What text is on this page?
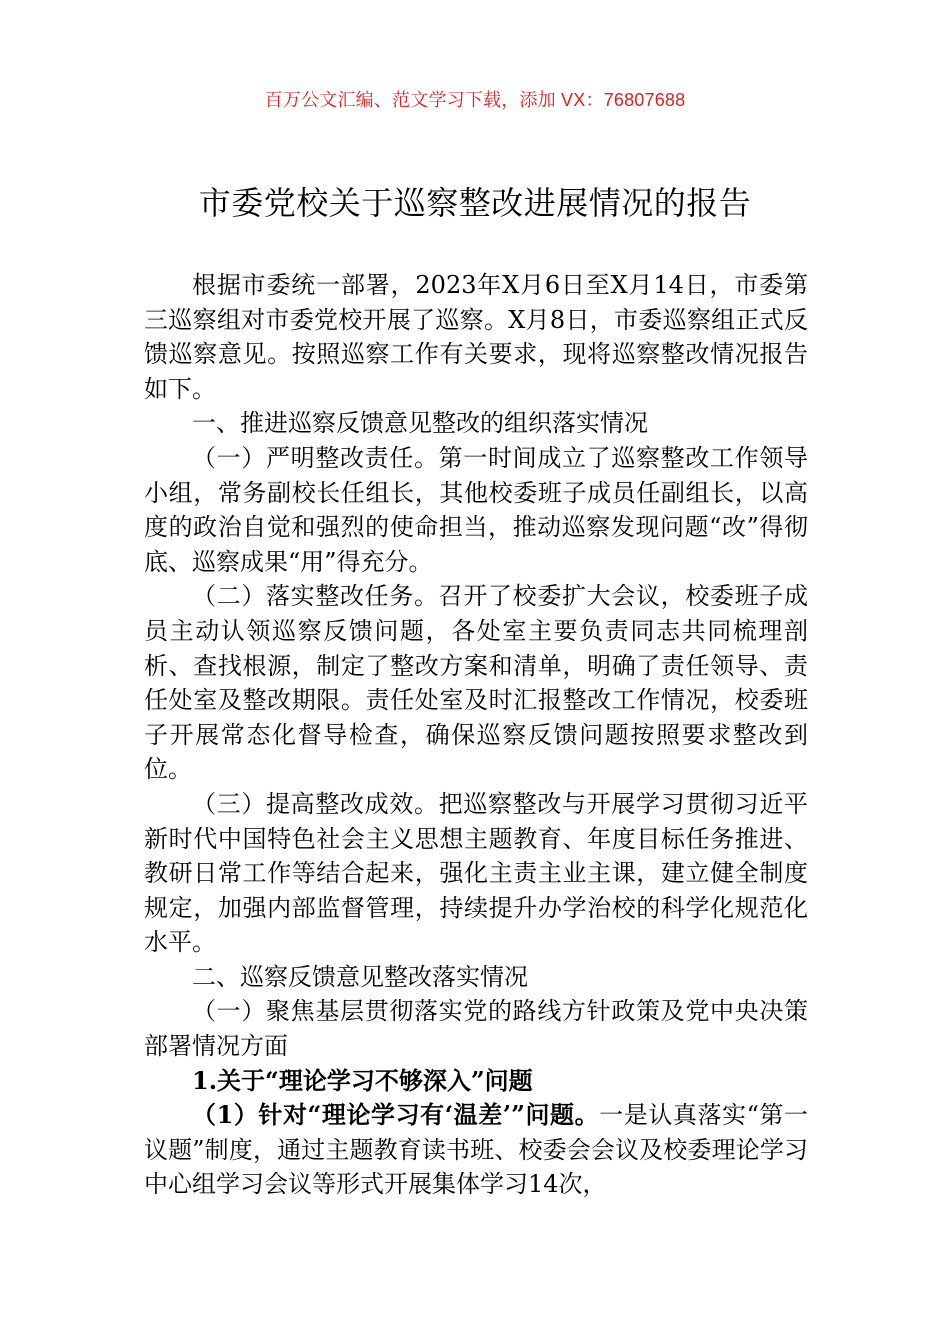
百万公文汇编、范文学习下载，添加 VX：76807688
市委党校关于巡察整改进展情况的报告

根据市委统一部署，2023年X月6日至X月14日，市委第三巡察组对市委党校开展了巡察。X月8日，市委巡察组正式反馈巡察意见。按照巡察工作有关要求，现将巡察整改情况报告如下。

一、推进巡察反馈意见整改的组织落实情况

（一）严明整改责任。第一时间成立了巡察整改工作领导小组，常务副校长任组长，其他校委班子成员任副组长，以高度的政治自觉和强烈的使命担当，推动巡察发现问题“改”得彻底、巡察成果“用”得充分。

（二）落实整改任务。召开了校委扩大会议，校委班子成员主动认领巡察反馈问题，各处室主要负责同志共同梳理剖析、查找根源，制定了整改方案和清单，明确了责任领导、责任处室及整改期限。责任处室及时汇报整改工作情况，校委班子开展常态化督导检查，确保巡察反馈问题按照要求整改到位。

（三）提高整改成效。把巡察整改与开展学习贯彻习近平新时代中国特色社会主义思想主题教育、年度目标任务推进、教研日常工作等结合起来，强化主责主业主课，建立健全制度规定，加强内部监督管理，持续提升办学治校的科学化规范化水平。

二、巡察反馈意见整改落实情况

（一）聚焦基层贯彻落实党的路线方针政策及党中央决策部署情况方面

1.关于“理论学习不够深入”问题

（1）针对“理论学习有‘温差’”问题。一是认真落实“第一议题”制度，通过主题教育读书班、校委会会议及校委理论学习中心组学习会议等形式开展集体学习14次，
